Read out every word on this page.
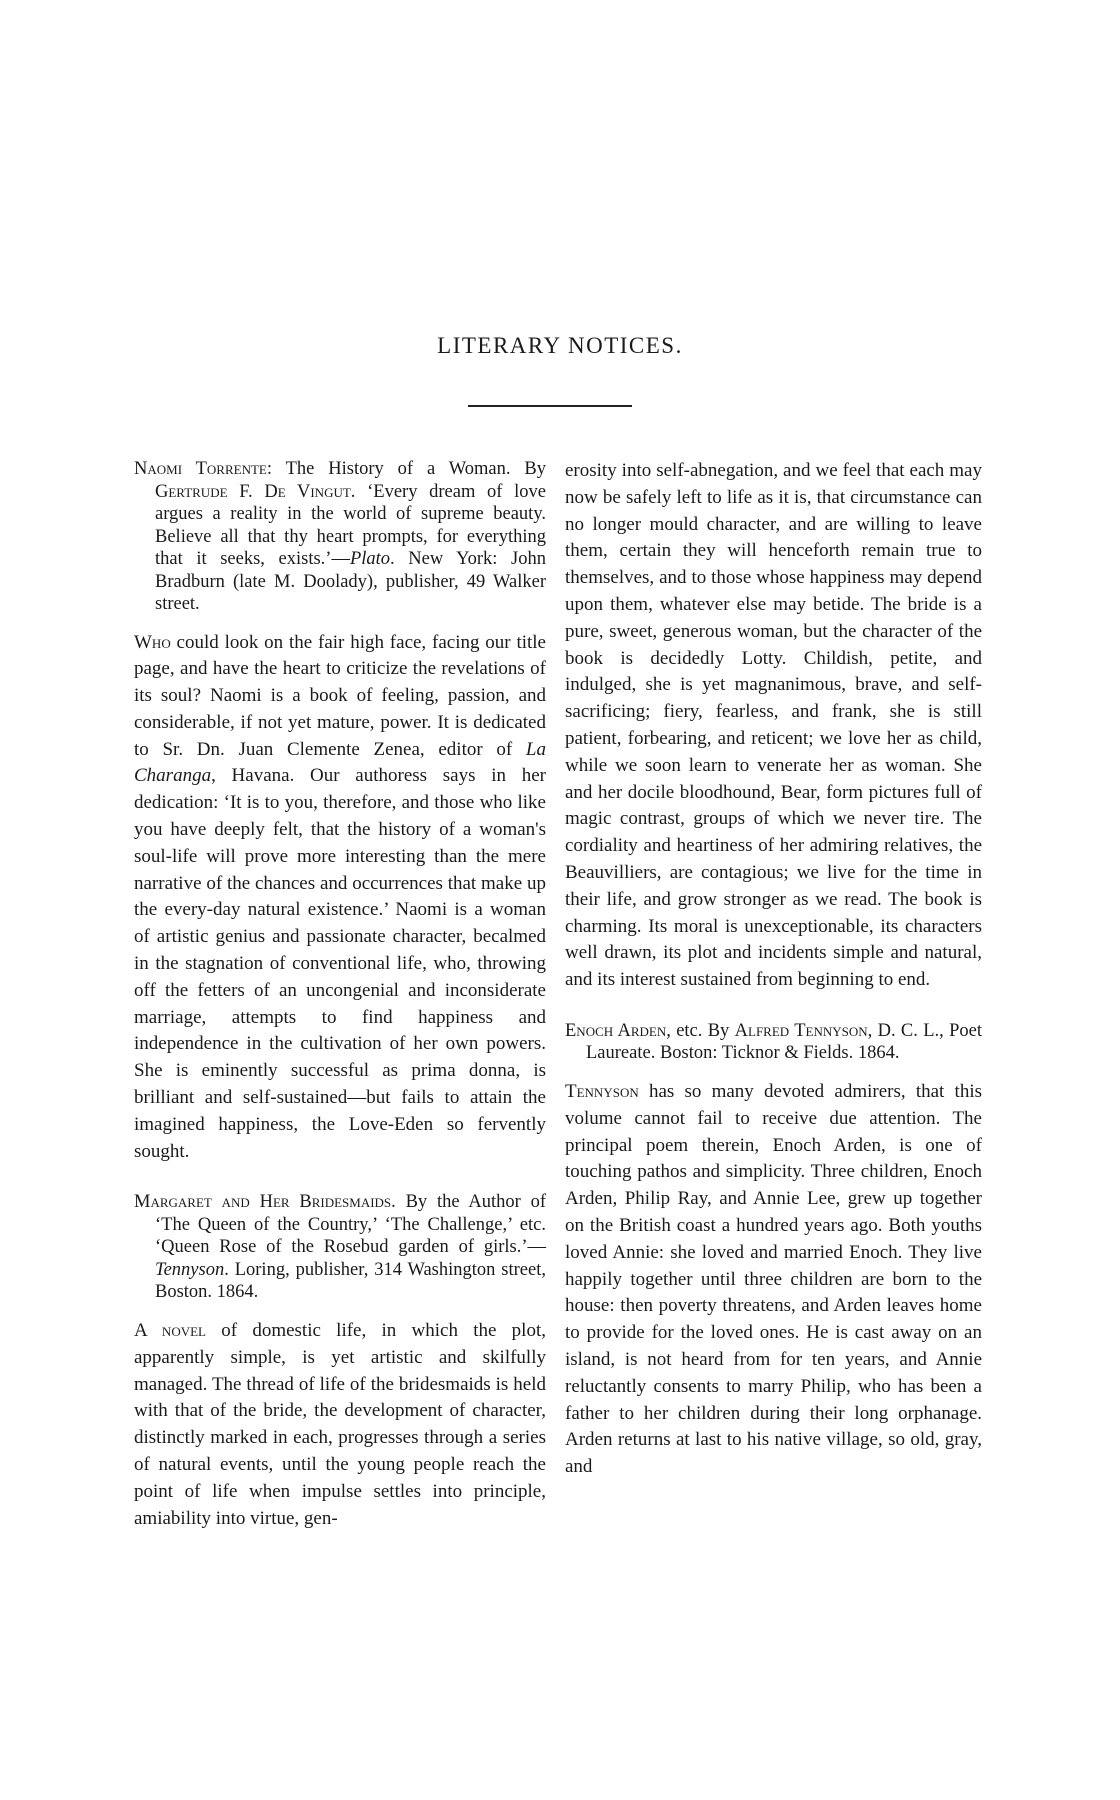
LITERARY NOTICES.

Naomi Torrente: The History of a Woman. By Gertrude F. De Vingut. ‘Every dream of love argues a reality in the world of supreme beauty. Believe all that thy heart prompts, for everything that it seeks, exists.’—Plato. New York: John Bradburn (late M. Doolady), publisher, 49 Walker street.

Who could look on the fair high face, facing our title page, and have the heart to criticize the revelations of its soul? Naomi is a book of feeling, passion, and considerable, if not yet mature, power. It is dedicated to Sr. Dn. Juan Clemente Zenea, editor of La Charanga, Havana. Our authoress says in her dedication: ‘It is to you, therefore, and those who like you have deeply felt, that the history of a woman's soul-life will prove more interesting than the mere narrative of the chances and occurrences that make up the every-day natural existence.’ Naomi is a woman of artistic genius and passionate character, becalmed in the stagnation of conventional life, who, throwing off the fetters of an uncongenial and inconsiderate marriage, attempts to find happiness and independence in the cultivation of her own powers. She is eminently successful as prima donna, is brilliant and self-sustained—but fails to attain the imagined happiness, the Love-Eden so fervently sought.

Margaret and Her Bridesmaids. By the Author of ‘The Queen of the Country,’ ‘The Challenge,’ etc. ‘Queen Rose of the Rosebud garden of girls.’—Tennyson. Loring, publisher, 314 Washington street, Boston. 1864.

A novel of domestic life, in which the plot, apparently simple, is yet artistic and skilfully managed. The thread of life of the bridesmaids is held with that of the bride, the development of character, distinctly marked in each, progresses through a series of natural events, until the young people reach the point of life when impulse settles into principle, amiability into virtue, gen-

erosity into self-abnegation, and we feel that each may now be safely left to life as it is, that circumstance can no longer mould character, and are willing to leave them, certain they will henceforth remain true to themselves, and to those whose happiness may depend upon them, whatever else may betide. The bride is a pure, sweet, generous woman, but the character of the book is decidedly Lotty. Childish, petite, and indulged, she is yet magnanimous, brave, and self-sacrificing; fiery, fearless, and frank, she is still patient, forbearing, and reticent; we love her as child, while we soon learn to venerate her as woman. She and her docile bloodhound, Bear, form pictures full of magic contrast, groups of which we never tire. The cordiality and heartiness of her admiring relatives, the Beauvilliers, are contagious; we live for the time in their life, and grow stronger as we read. The book is charming. Its moral is unexceptionable, its characters well drawn, its plot and incidents simple and natural, and its interest sustained from beginning to end.

Enoch Arden, etc. By Alfred Tennyson, D. C. L., Poet Laureate. Boston: Ticknor & Fields. 1864.

Tennyson has so many devoted admirers, that this volume cannot fail to receive due attention. The principal poem therein, Enoch Arden, is one of touching pathos and simplicity. Three children, Enoch Arden, Philip Ray, and Annie Lee, grew up together on the British coast a hundred years ago. Both youths loved Annie: she loved and married Enoch. They live happily together until three children are born to the house: then poverty threatens, and Arden leaves home to provide for the loved ones. He is cast away on an island, is not heard from for ten years, and Annie reluctantly consents to marry Philip, who has been a father to her children during their long orphanage. Arden returns at last to his native village, so old, gray, and
